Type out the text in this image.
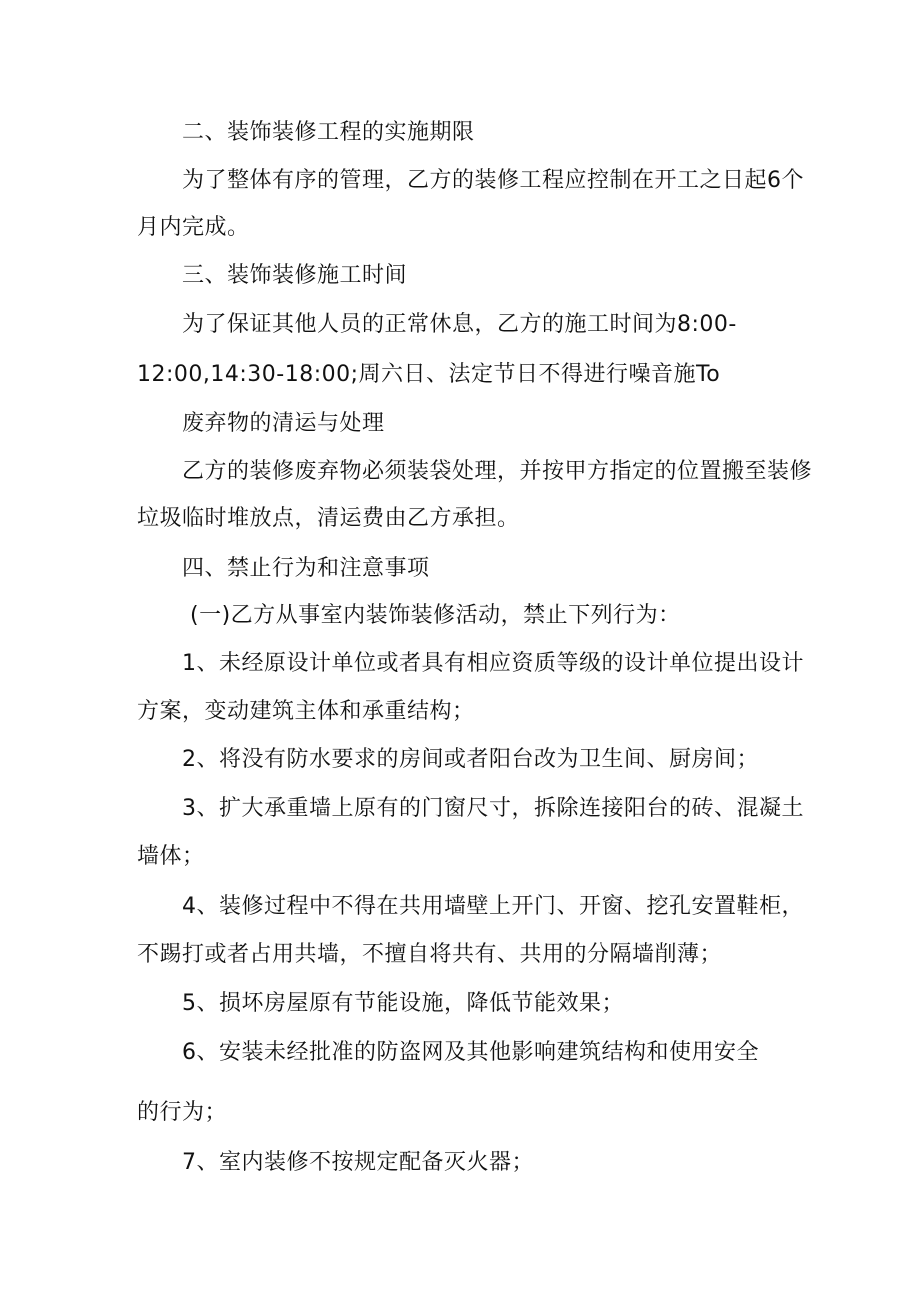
二、装饰装修工程的实施期限
为了整体有序的管理，乙方的装修工程应控制在开工之日起6个
月内完成。
三、装饰装修施工时间
为了保证其他人员的正常休息，乙方的施工时间为8:00-
12:00,14:30-18:00;周六日、法定节日不得进行噪音施To
废弃物的清运与处理
乙方的装修废弃物必须装袋处理，并按甲方指定的位置搬至装修
垃圾临时堆放点，清运费由乙方承担。
四、禁止行为和注意事项
(一)乙方从事室内装饰装修活动，禁止下列行为：
1、未经原设计单位或者具有相应资质等级的设计单位提出设计
方案，变动建筑主体和承重结构；
2、将没有防水要求的房间或者阳台改为卫生间、厨房间；
3、扩大承重墙上原有的门窗尺寸，拆除连接阳台的砖、混凝土
墙体；
4、装修过程中不得在共用墙壁上开门、开窗、挖孔安置鞋柜，
不踢打或者占用共墙，不擅自将共有、共用的分隔墙削薄；
5、损坏房屋原有节能设施，降低节能效果；
6、安装未经批准的防盗网及其他影响建筑结构和使用安全
的行为；
7、室内装修不按规定配备灭火器；
